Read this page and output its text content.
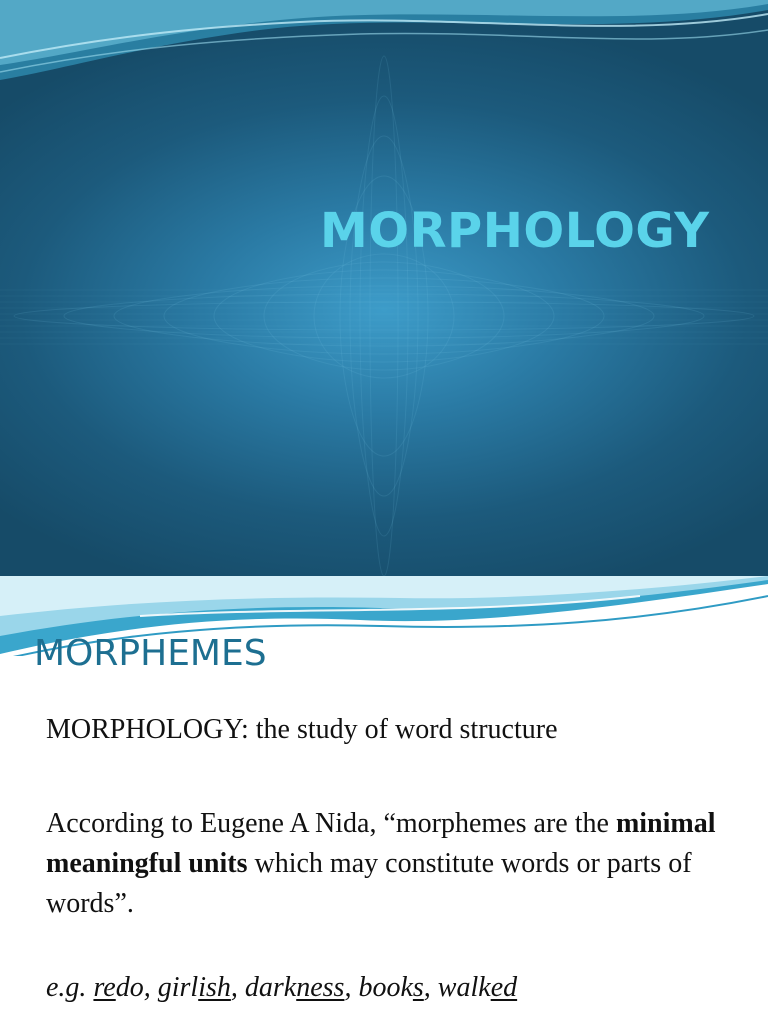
MORPHOLOGY
MORPHEMES

MORPHOLOGY: the study of word structure

According to Eugene A Nida, “morphemes are the minimal meaningful units which may constitute words or parts of words”.

e.g. redo, girlish, darkness, books, walked
